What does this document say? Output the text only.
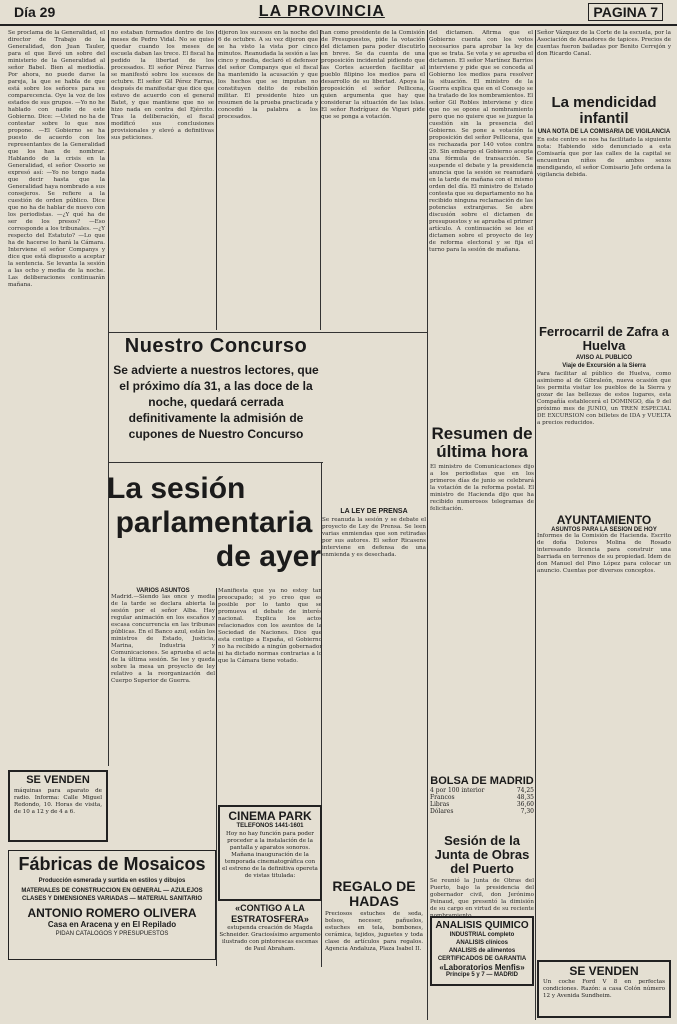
Día 29	LA PROVINCIA	PAGINA 7

Se proclama de la Generalidad, el director de Trabajo de la Generalidad, don Juan Tauler, para el que llevó un sobre del ministerio de la Generalidad al señor Babel. Bien al mediodía. Por ahora, no puede darse la pareja, la que se habla de que está sobre los señores para su comparecencia. Oye la voz de los estados de sus grupos. —Yo no he hablado con nadie de este Gobierno. Dice: —Usted no ha de contestar sobre lo que nos propone. —El Gobierno se ha puesto de acuerdo con los representantes de la Generalidad que los han de nombrar. Hablando de la crisis en la Generalidad, el señor Ossorio se expresó así: —Yo no tengo nada que decir hasta que la Generalidad haya nombrado a sus consejeros. Se refiere a la cuestión de orden público. Dice que no ha de hablar de nuevo con los periodistas. —¿Y qué ha de ser de los presos? —Eso corresponde a los tribunales. —¿Y respecto del Estatuto? —Lo que ha de hacerse lo hará la Cámara. Interviene el señor Companys y dice que está dispuesto a aceptar la sentencia. Se levanta la sesión a las ocho y media de la noche. Las deliberaciones continuarán mañana.

no estaban formados dentro de los meses de Pedro Vidal. No se quiso quedar cuando los meses de escuela daban las trece. El fiscal ha pedido la libertad de los procesados. El señor Pérez Farras se manifestó sobre los sucesos de octubre. El señor Gil Pérez Farras, después de manifestar que dice que estuvo de acuerdo con el general Batet, y que mantiene que no se hizo nada en contra del Ejército. Tras la deliberación, el fiscal modificó sus conclusiones provisionales y elevó a definitivas sus peticiones.

dijeron los sucesos en la noche del 6 de octubre. A su vez dijeron que se ha visto la vista por cinco minutos. Reanudada la sesión a las cinco y media, declaró el defensor del señor Companys que el fiscal ha mantenido la acusación y que los hechos que se imputan no constituyen delito de rebelión militar. El presidente hizo un resumen de la prueba practicada y concedió la palabra a los procesados.

han como presidente de la Comisión de Presupuestos, pide la votación del dictamen para poder discutirlo en breve. Se da cuenta de una proposición incidental pidiendo que las Cortes acuerden facilitar al pueblo filipino los medios para el desarrollo de su libertad. Apoya la proposición el señor Pellicena, quien argumenta que hay que considerar la situación de las islas. El señor Rodríguez de Viguri pide que se ponga a votación.

del dictamen. Afirma que el Gobierno cuenta con los votos necesarios para aprobar la ley de que se trata. Se vota y se aprueba el dictamen. El señor Martínez Barrios interviene y pide que se conceda al Gobierno los medios para resolver la situación. El ministro de la Guerra explica que en el Consejo se ha tratado de los nombramientos. El señor Gil Robles interviene y dice que no se opone al nombramiento pero que no quiere que se juzgue la cuestión sin la presencia del Gobierno. Se pone a votación la proposición del señor Pellicena, que es rechazada por 140 votos contra 29. Sin embargo el Gobierno acepta una fórmula de transacción. Se suspende el debate y la presidencia anuncia que la sesión se reanudará en la tarde de mañana con el mismo orden del día. El ministro de Estado contesta que su departamento no ha recibido ninguna reclamación de las potencias extranjeras. Se abre discusión sobre el dictamen de presupuestos y se aprueba el primer artículo. A continuación se lee el dictamen sobre el proyecto de ley de reforma electoral y se fija el turno para la sesión de mañana.

Señor Vázquez de la Corte de la escuela, por la Asociación de Amadores de tapices. Precios de cuentas fueron bailadas por Benito Cerrejón y don Ricardo Canal.

Nuestro Concurso
Se advierte a nuestros lectores, que el próximo día 31, a las doce de la noche, quedará cerrada definitivamente la admisión de cupones de Nuestro Concurso
La sesión
parlamentaria
de ayer
VARIOS ASUNTOS
Madrid.—Siendo las once y media de la tarde se declara abierta la sesión por el señor Alba. Hay regular animación en los escaños y escasa concurrencia en las tribunas públicas. En el Banco azul, están los ministros de Estado, Justicia, Marina, Industria y Comunicaciones. Se aprueba el acta de la última sesión. Se lee y queda sobre la mesa un proyecto de ley relativo a la reorganización del Cuerpo Superior de Guerra.
Manifiesta que ya no estoy tan preocupado; si yo creo que es posible por lo tanto que se promueva el debate de interés nacional. Explica los actos relacionados con los asuntos de la Sociedad de Naciones. Dice que esta contigo a España, el Gobierno no ha recibido a ningún gobernador ni ha dictado normas contrarias a lo que la Cámara tiene votado.
LA LEY DE PRENSA
Se reanuda la sesión y se debate el proyecto de Ley de Prensa. Se leen varias enmiendas que son retiradas por sus autores. El señor Ricasens interviene en defensa de una enmienda y es desechada.
SE VENDEN

máquinas para aparato de radio. Informa: Calle Miguel Redondo, 10. Horas de visita, de 10 a 12 y de 4 a 6.

Fábricas de Mosaicos
Producción esmerada y surtida en estilos y dibujos
MATERIALES DE CONSTRUCCION EN GENERAL — AZULEJOS CLASES Y DIMENSIONES VARIADAS — MATERIAL SANITARIO
ANTONIO ROMERO OLIVERA
Casa en Aracena y en El Repilado
PIDAN CATALOGOS Y PRESUPUESTOS
CINEMA PARK
TELEFONOS 1441-1601

Hoy no hay función para poder proceder a la instalación de la pantalla y aparatos sonoros. Mañana inauguración de la temporada cinematográfica con el estreno de la definitiva opereta de vistas titulada:

«CONTIGO A LA ESTRATOSFERA»
estupenda creación de Magda Schneider. Graciosísimo argumento ilustrado con pintorescas escenas de Paul Abraham.
REGALO DE HADAS

Preciosos estuches de seda, bolsos, neceser, pañuelos, estuches en tela, bombones, cerámica, tejidos, juguetes y toda clase de artículos para regalos. Agencia Andaluza, Plaza Isabel II.

Resumen de última hora
El ministro de Comunicaciones dijo a los periodistas que en los primeros días de junio se celebrará la votación de la reforma postal. El ministro de Hacienda dijo que ha recibido numerosos telegramas de felicitación.
BOLSA DE MADRID
4 por 100 interior	74,25
Francos	48,35
Libras	36,60
Dólares	7,30
Sesión de la Junta de Obras del Puerto
Se reunió la Junta de Obras del Puerto, bajo la presidencia del gobernador civil, don Jerónimo Peinaud, que presentó la dimisión de su cargo en virtud de su reciente nombramiento.
ANALISIS QUIMICO

INDUSTRIAL completo

ANALISIS clínicos

ANALISIS de alimentos

CERTIFICADOS DE GARANTIA

«Laboratorios Menfis»

Príncipe 5 y 7 — MADRID

La mendicidad infantil
UNA NOTA DE LA COMISARIA DE VIGILANCIA
En este centro se nos ha facilitado la siguiente nota: Habiendo sido denunciado a esta Comisaría que por las calles de la capital se encuentran niños de ambos sexos mendigando, el señor Comisario Jefe ordena la vigilancia debida.
Ferrocarril de Zafra a Huelva
AVISO AL PUBLICO
Viaje de Excursión a la Sierra
Para facilitar al público de Huelva, como asimismo al de Gibraleón, nueva ocasión que les permita visitar los pueblos de la Sierra y gozar de las bellezas de estos lugares, esta Compañía establecerá el DOMINGO, día 9 del próximo mes de JUNIO, un TREN ESPECIAL DE EXCURSION con billetes de IDA y VUELTA a precios reducidos.
AYUNTAMIENTO
ASUNTOS PARA LA SESION DE HOY
Informes de la Comisión de Hacienda. Escrito de doña Dolores Molina de Rosado interesando licencia para construir una barriada en terrenos de su propiedad. Idem de don Manuel del Pino López para colocar un anuncio. Cuentas por diversos conceptos.
SE VENDEN

Un coche Ford V 8 en perfectas condiciones. Razón: a casa Colón número 12 y Avenida Sundheim.
